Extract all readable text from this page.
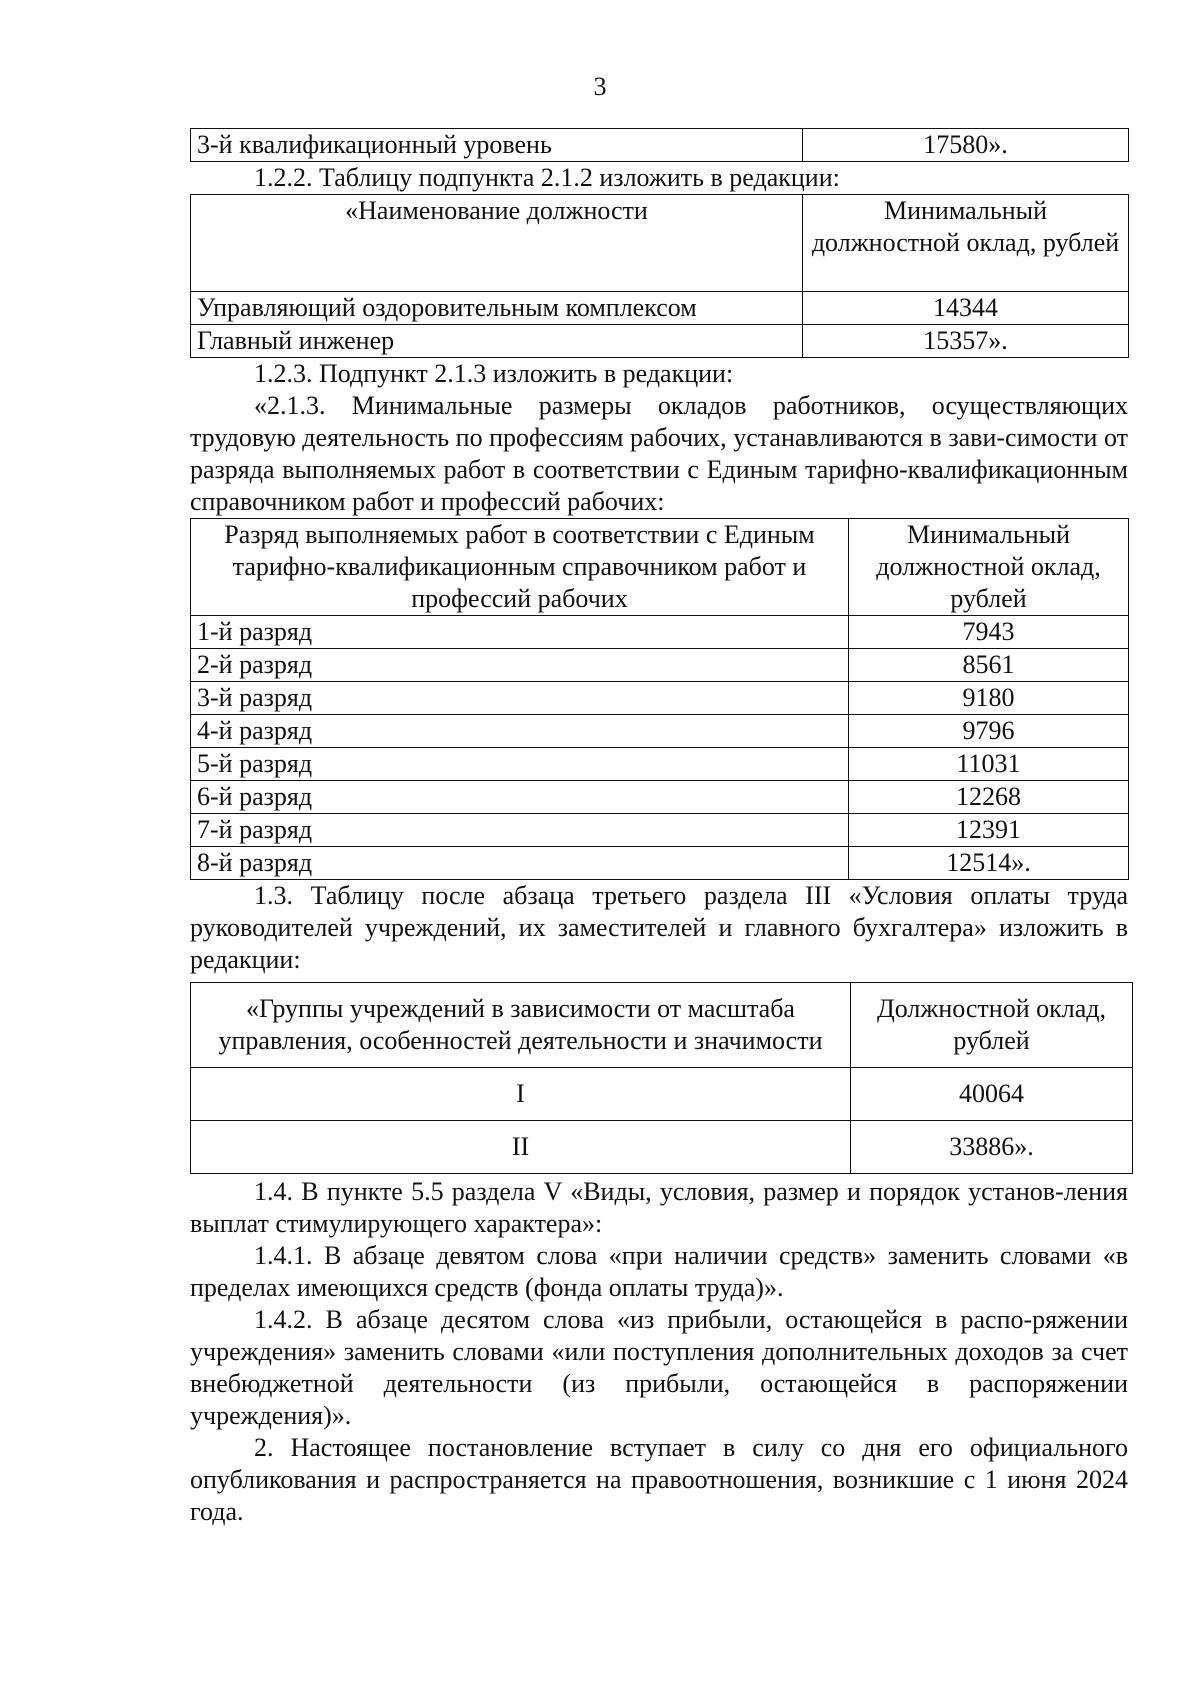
3
3-й квалификационный уровень	17580».

1.2.2. Таблицу подпункта 2.1.2 изложить в редакции:

«Наименование должности	Минимальный должностной оклад, рублей
Управляющий оздоровительным комплексом	14344
Главный инженер	15357».

1.2.3. Подпункт 2.1.3 изложить в редакции:

«2.1.3. Минимальные размеры окладов работников, осуществляющих трудовую деятельность по профессиям рабочих, устанавливаются в зави-симости от разряда выполняемых работ в соответствии с Единым тарифно-квалификационным справочником работ и профессий рабочих:

Разряд выполняемых работ в соответствии с Единым тарифно-квалификационным справочником работ и профессий рабочих	Минимальный должностной оклад, рублей
1-й разряд	7943
2-й разряд	8561
3-й разряд	9180
4-й разряд	9796
5-й разряд	11031
6-й разряд	12268
7-й разряд	12391
8-й разряд	12514».

1.3. Таблицу после абзаца третьего раздела III «Условия оплаты труда руководителей учреждений, их заместителей и главного бухгалтера» изложить в редакции:

«Группы учреждений в зависимости от масштаба управления, особенностей деятельности и значимости	Должностной оклад, рублей
I	40064
II	33886».

1.4. В пункте 5.5 раздела V «Виды, условия, размер и порядок установ-ления выплат стимулирующего характера»:

1.4.1. В абзаце девятом слова «при наличии средств» заменить словами «в пределах имеющихся средств (фонда оплаты труда)».

1.4.2. В абзаце десятом слова «из прибыли, остающейся в распо-ряжении учреждения» заменить словами «или поступления дополнительных доходов за счет внебюджетной деятельности (из прибыли, остающейся в распоряжении учреждения)».

2. Настоящее постановление вступает в силу со дня его официального опубликования и распространяется на правоотношения, возникшие с 1 июня 2024 года.
